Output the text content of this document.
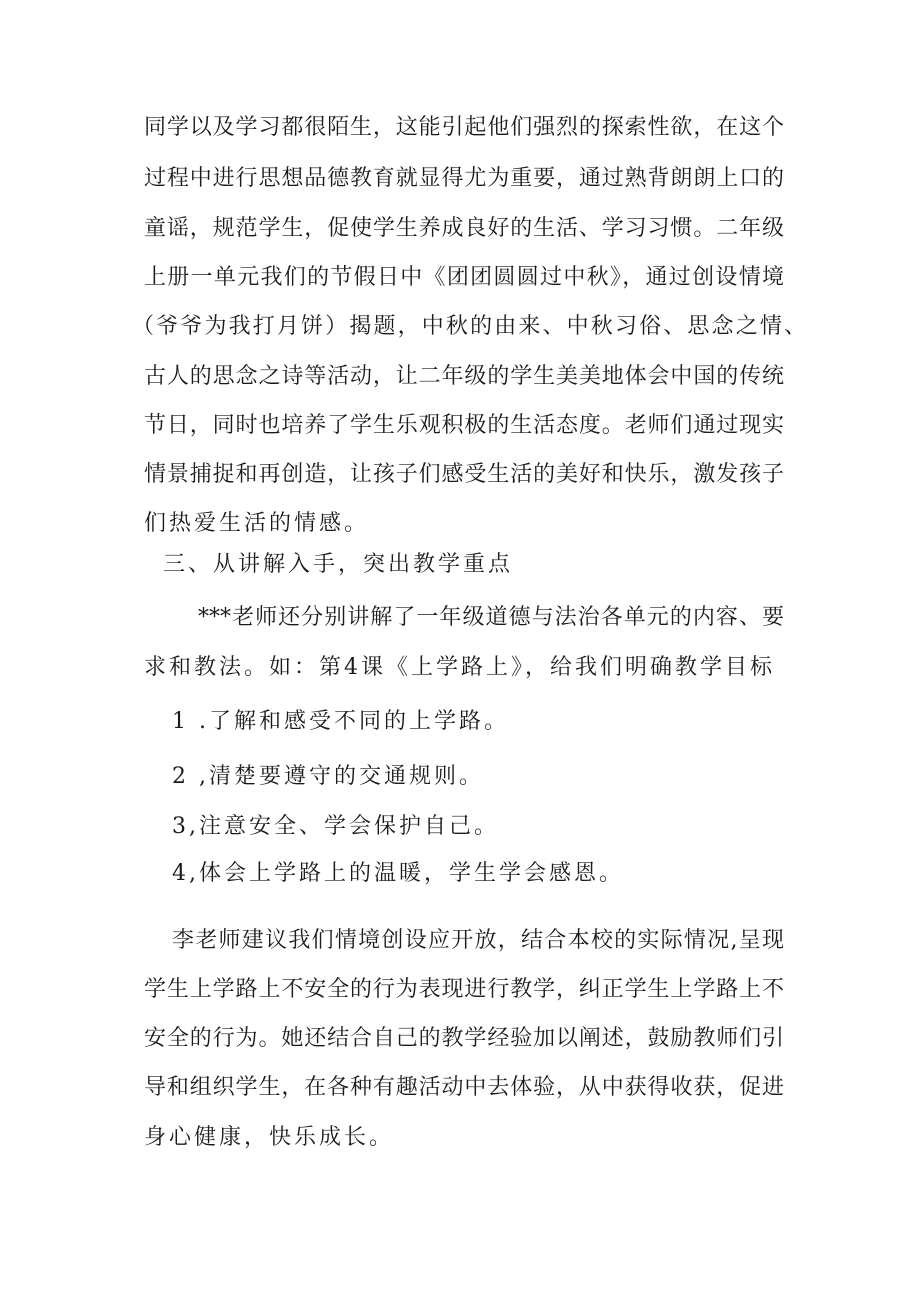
同学以及学习都很陌生，这能引起他们强烈的探索性欲，在这个
过程中进行思想品德教育就显得尤为重要，通过熟背朗朗上口的
童谣，规范学生，促使学生养成良好的生活、学习习惯。二年级
上册一单元我们的节假日中《团团圆圆过中秋》，通过创设情境
（爷爷为我打月饼）揭题，中秋的由来、中秋习俗、思念之情、
古人的思念之诗等活动，让二年级的学生美美地体会中国的传统
节日，同时也培养了学生乐观积极的生活态度。老师们通过现实
情景捕捉和再创造，让孩子们感受生活的美好和快乐，激发孩子
们热爱生活的情感。
三、从讲解入手，突出教学重点
***老师还分别讲解了一年级道德与法治各单元的内容、要
求和教法。如：第4课《上学路上》，给我们明确教学目标
1 .了解和感受不同的上学路。
2 ,清楚要遵守的交通规则。
3,注意安全、学会保护自己。
4,体会上学路上的温暖，学生学会感恩。
李老师建议我们情境创设应开放，结合本校的实际情况,呈现
学生上学路上不安全的行为表现进行教学，纠正学生上学路上不
安全的行为。她还结合自己的教学经验加以阐述，鼓励教师们引
导和组织学生，在各种有趣活动中去体验，从中获得收获，促进
身心健康，快乐成长。
